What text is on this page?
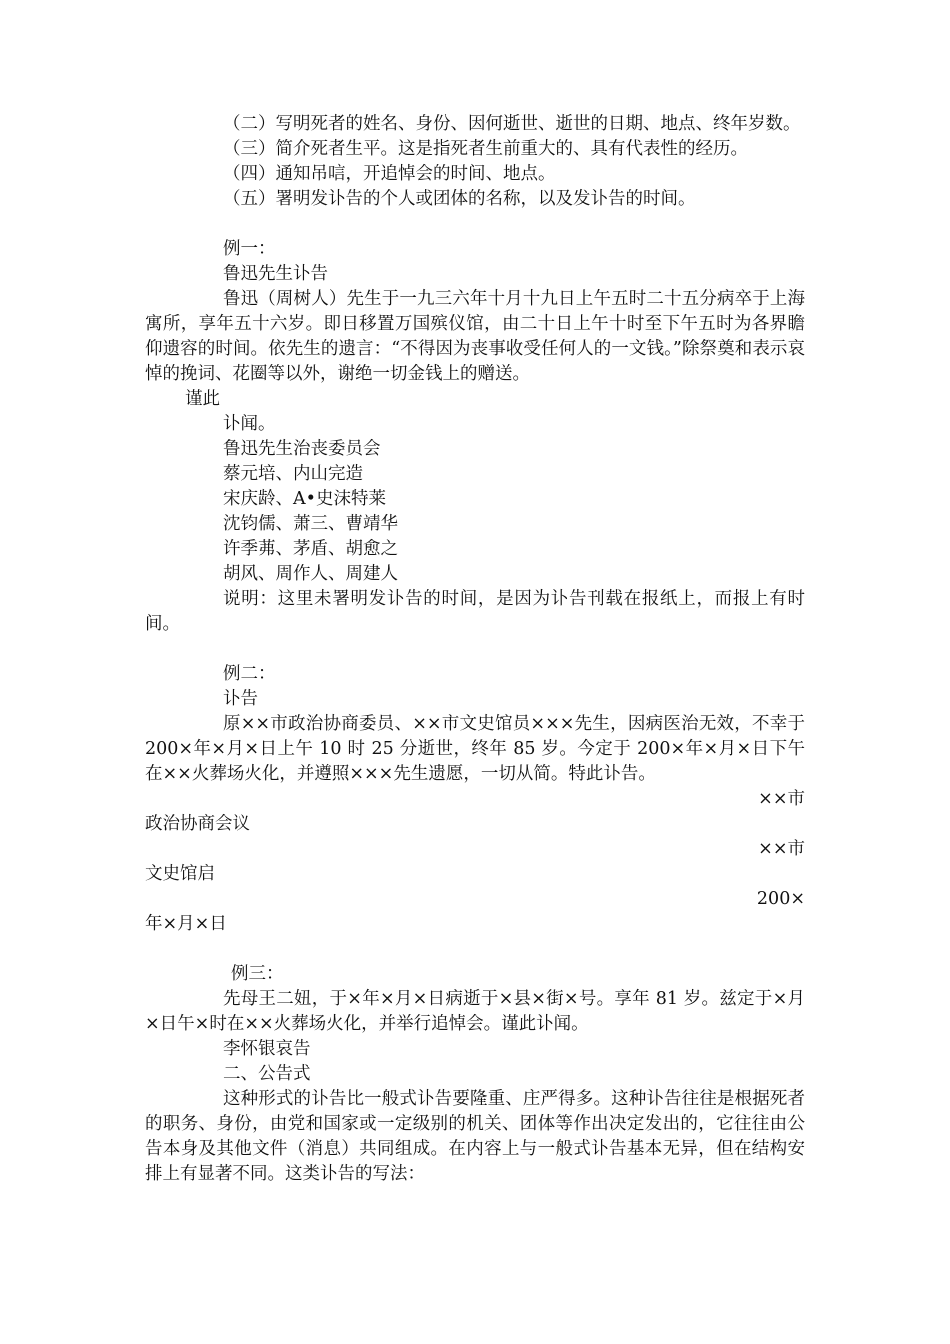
（二）写明死者的姓名、身份、因何逝世、逝世的日期、地点、终年岁数。

（三）简介死者生平。这是指死者生前重大的、具有代表性的经历。

（四）通知吊唁，开追悼会的时间、地点。

（五）署明发讣告的个人或团体的名称，以及发讣告的时间。

例一：

鲁迅先生讣告

鲁迅（周树人）先生于一九三六年十月十九日上午五时二十五分病卒于上海寓所，享年五十六岁。即日移置万国殡仪馆，由二十日上午十时至下午五时为各界瞻仰遗容的时间。依先生的遗言：“不得因为丧事收受任何人的一文钱。”除祭奠和表示哀悼的挽词、花圈等以外，谢绝一切金钱上的赠送。

谨此

讣闻。

鲁迅先生治丧委员会

蔡元培、内山完造

宋庆龄、A•史沫特莱

沈钧儒、萧三、曹靖华

许季茀、茅盾、胡愈之

胡风、周作人、周建人

说明：这里未署明发讣告的时间，是因为讣告刊载在报纸上，而报上有时间。

例二：

讣告

原××市政治协商委员、××市文史馆员×××先生，因病医治无效，不幸于 200×年×月×日上午 10 时 25 分逝世，终年 85 岁。今定于 200×年×月×日下午在××火葬场火化，并遵照×××先生遗愿，一切从简。特此讣告。

××市

政治协商会议

××市

文史馆启

200×

年×月×日

例三：

先母王二妞，于×年×月×日病逝于×县×街×号。享年 81 岁。兹定于×月×日午×时在××火葬场火化，并举行追悼会。谨此讣闻。

李怀银哀告

二、公告式

这种形式的讣告比一般式讣告要隆重、庄严得多。这种讣告往往是根据死者的职务、身份，由党和国家或一定级别的机关、团体等作出决定发出的，它往往由公告本身及其他文件（消息）共同组成。在内容上与一般式讣告基本无异，但在结构安排上有显著不同。这类讣告的写法：
